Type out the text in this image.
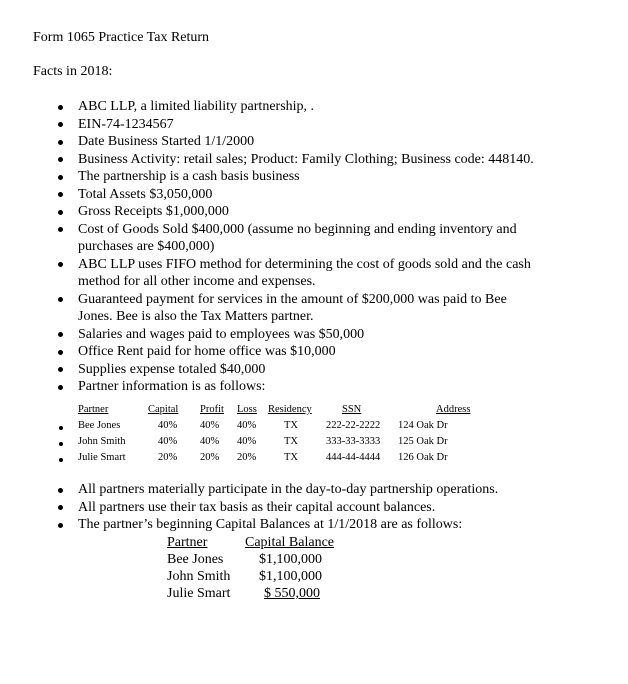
Form 1065 Practice Tax Return
Facts in 2018:
ABC LLP, a limited liability partnership, .
EIN-74-1234567
Date Business Started 1/1/2000
Business Activity: retail sales; Product: Family Clothing; Business code: 448140.
The partnership is a cash basis business
Total Assets $3,050,000
Gross Receipts $1,000,000
Cost of Goods Sold $400,000 (assume no beginning and ending inventory and purchases are $400,000)
ABC LLP uses FIFO method for determining the cost of goods sold and the cash method for all other income and expenses.
Guaranteed payment for services in the amount of $200,000 was paid to Bee Jones. Bee is also the Tax Matters partner.
Salaries and wages paid to employees was $50,000
Office Rent paid for home office was $10,000
Supplies expense totaled $40,000
Partner information is as follows:
Partner	Capital Profit Loss Residency	SSN	Address
Bee Jones	40% 40% 40%	TX	222-22-2222 124 Oak Dr
John Smith	40% 40% 40%	TX	333-33-3333 125 Oak Dr
Julie Smart	20% 20% 20%	TX	444-44-4444 126 Oak Dr
All partners materially participate in the day-to-day partnership operations.
All partners use their tax basis as their capital account balances.
The partner’s beginning Capital Balances at 1/1/2018 are as follows:
Partner	Capital Balance
Bee Jones	$1,100,000
John Smith $1,100,000
Julie Smart $ 550,000
